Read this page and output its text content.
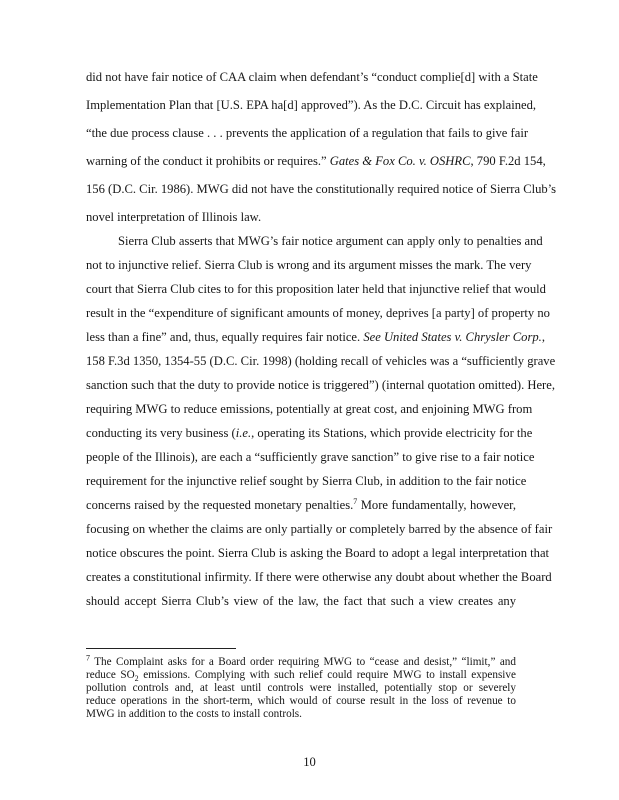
did not have fair notice of CAA claim when defendant’s “conduct complie[d] with a State
Implementation Plan that [U.S. EPA ha[d] approved”). As the D.C. Circuit has explained,
“the due process clause . . . prevents the application of a regulation that fails to give fair
warning of the conduct it prohibits or requires.” Gates & Fox Co. v. OSHRC, 790 F.2d 154,
156 (D.C. Cir. 1986). MWG did not have the constitutionally required notice of Sierra Club’s
novel interpretation of Illinois law.
Sierra Club asserts that MWG’s fair notice argument can apply only to penalties and
not to injunctive relief. Sierra Club is wrong and its argument misses the mark. The very
court that Sierra Club cites to for this proposition later held that injunctive relief that would
result in the “expenditure of significant amounts of money, deprives [a party] of property no
less than a fine” and, thus, equally requires fair notice. See United States v. Chrysler Corp.,
158 F.3d 1350, 1354-55 (D.C. Cir. 1998) (holding recall of vehicles was a “sufficiently grave
sanction such that the duty to provide notice is triggered”) (internal quotation omitted). Here,
requiring MWG to reduce emissions, potentially at great cost, and enjoining MWG from
conducting its very business (i.e., operating its Stations, which provide electricity for the
people of the Illinois), are each a “sufficiently grave sanction” to give rise to a fair notice
requirement for the injunctive relief sought by Sierra Club, in addition to the fair notice
concerns raised by the requested monetary penalties.$^7$ More fundamentally, however,
focusing on whether the claims are only partially or completely barred by the absence of fair
notice obscures the point. Sierra Club is asking the Board to adopt a legal interpretation that
creates a constitutional infirmity. If there were otherwise any doubt about whether the Board
should accept Sierra Club’s view of the law, the fact that such a view creates any
$^7$ The Complaint asks for a Board order requiring MWG to “cease and desist,” “limit,” and
reduce $SO_2$ emissions. Complying with such relief could require MWG to install expensive
pollution controls and, at least until controls were installed, potentially stop or severely
reduce operations in the short-term, which would of course result in the loss of revenue to
MWG in addition to the costs to install controls.
10
